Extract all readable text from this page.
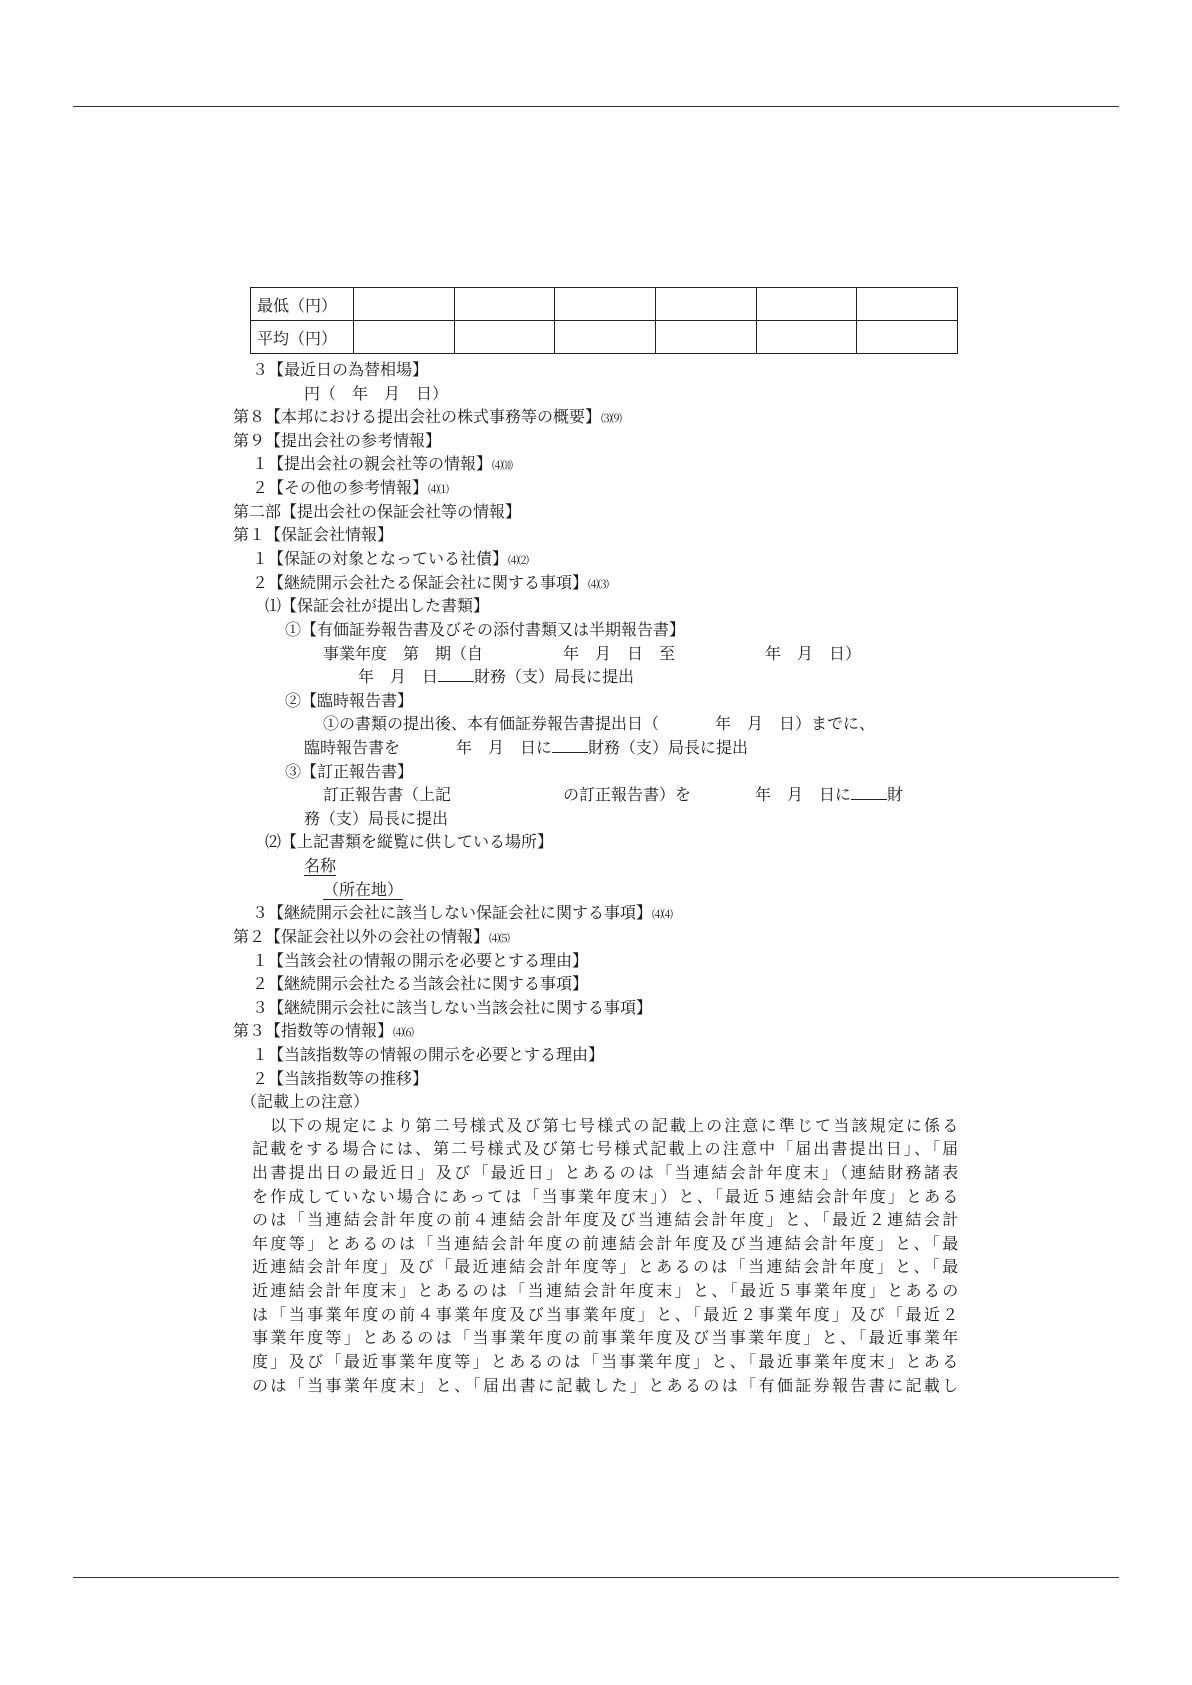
最低（円）						
平均（円）						
３【最近日の為替相場】
円（　年　月　日）
第８【本邦における提出会社の株式事務等の概要】⑶⑼
第９【提出会社の参考情報】
１【提出会社の親会社等の情報】⑷⑽
２【その他の参考情報】⑷⑴
第二部【提出会社の保証会社等の情報】
第１【保証会社情報】
１【保証の対象となっている社債】⑷⑵
２【継続開示会社たる保証会社に関する事項】⑷⑶
⑴【保証会社が提出した書類】
①【有価証券報告書及びその添付書類又は半期報告書】
事業年度　第　期（自	年　月　日　至	年　月　日）
年　月　日 財務（支）局長に提出
②【臨時報告書】
①の書類の提出後、本有価証券報告書提出日（	年　月　日）までに、
臨時報告書を	年　月　日に 財務（支）局長に提出
③【訂正報告書】
訂正報告書（上記	の訂正報告書）を	年　月　日に 財
務（支）局長に提出
⑵【上記書類を縦覧に供している場所】
名称
（所在地）
３【継続開示会社に該当しない保証会社に関する事項】⑷⑷
第２【保証会社以外の会社の情報】⑷⑸
１【当該会社の情報の開示を必要とする理由】
２【継続開示会社たる当該会社に関する事項】
３【継続開示会社に該当しない当該会社に関する事項】
第３【指数等の情報】⑷⑹
１【当該指数等の情報の開示を必要とする理由】
２【当該指数等の推移】
（記載上の注意）
　以下の規定により第二号様式及び第七号様式の記載上の注意に準じて当該規定に係る
記載をする場合には、第二号様式及び第七号様式記載上の注意中「届出書提出日」、「届
出書提出日の最近日」及び「最近日」とあるのは「当連結会計年度末」（連結財務諸表
を作成していない場合にあっては「当事業年度末」）と、「最近５連結会計年度」とある
のは「当連結会計年度の前４連結会計年度及び当連結会計年度」と、「最近２連結会計
年度等」とあるのは「当連結会計年度の前連結会計年度及び当連結会計年度」と、「最
近連結会計年度」及び「最近連結会計年度等」とあるのは「当連結会計年度」と、「最
近連結会計年度末」とあるのは「当連結会計年度末」と、「最近５事業年度」とあるの
は「当事業年度の前４事業年度及び当事業年度」と、「最近２事業年度」及び「最近２
事業年度等」とあるのは「当事業年度の前事業年度及び当事業年度」と、「最近事業年
度」及び「最近事業年度等」とあるのは「当事業年度」と、「最近事業年度末」とある
のは「当事業年度末」と、「届出書に記載した」とあるのは「有価証券報告書に記載し
